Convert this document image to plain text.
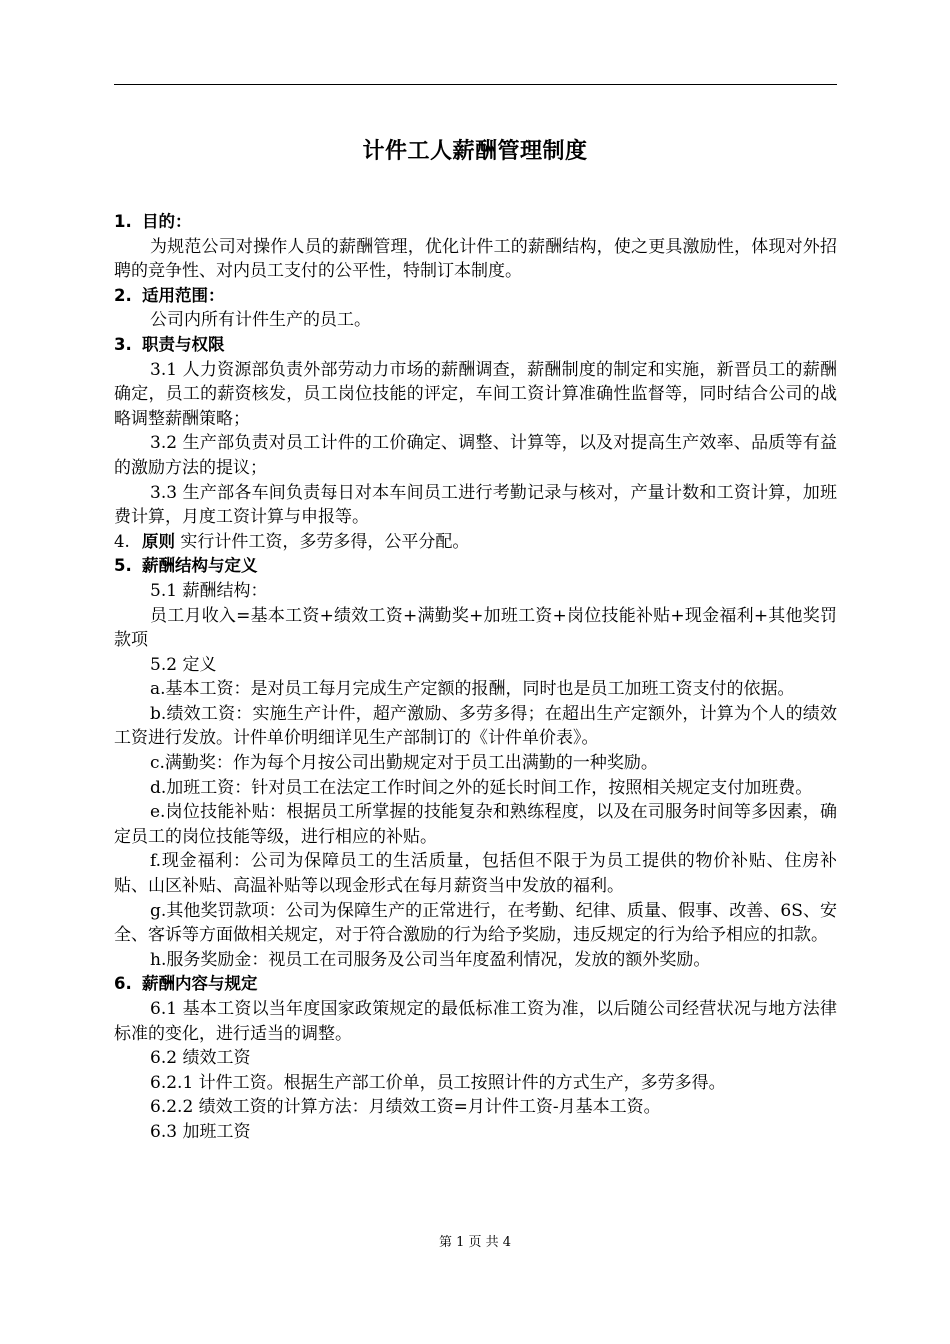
计件工人薪酬管理制度
1. 目的：
为规范公司对操作人员的薪酬管理，优化计件工的薪酬结构，使之更具激励性，体现对外招聘的竞争性、对内员工支付的公平性，特制订本制度。
2. 适用范围：
公司内所有计件生产的员工。
3. 职责与权限
3.1 人力资源部负责外部劳动力市场的薪酬调查，薪酬制度的制定和实施，新晋员工的薪酬确定，员工的薪资核发，员工岗位技能的评定，车间工资计算准确性监督等，同时结合公司的战略调整薪酬策略；
3.2 生产部负责对员工计件的工价确定、调整、计算等，以及对提高生产效率、品质等有益的激励方法的提议；
3.3 生产部各车间负责每日对本车间员工进行考勤记录与核对，产量计数和工资计算，加班费计算，月度工资计算与申报等。
4. 原则 实行计件工资，多劳多得，公平分配。
5. 薪酬结构与定义
5.1 薪酬结构：
员工月收入=基本工资+绩效工资+满勤奖+加班工资+岗位技能补贴+现金福利+其他奖罚款项
5.2 定义
a.基本工资：是对员工每月完成生产定额的报酬，同时也是员工加班工资支付的依据。
b.绩效工资：实施生产计件，超产激励、多劳多得；在超出生产定额外，计算为个人的绩效工资进行发放。计件单价明细详见生产部制订的《计件单价表》。
c.满勤奖：作为每个月按公司出勤规定对于员工出满勤的一种奖励。
d.加班工资：针对员工在法定工作时间之外的延长时间工作，按照相关规定支付加班费。
e.岗位技能补贴：根据员工所掌握的技能复杂和熟练程度，以及在司服务时间等多因素，确定员工的岗位技能等级，进行相应的补贴。
f.现金福利：公司为保障员工的生活质量，包括但不限于为员工提供的物价补贴、住房补贴、山区补贴、高温补贴等以现金形式在每月薪资当中发放的福利。
g.其他奖罚款项：公司为保障生产的正常进行，在考勤、纪律、质量、假事、改善、6S、安全、客诉等方面做相关规定，对于符合激励的行为给予奖励，违反规定的行为给予相应的扣款。
h.服务奖励金：视员工在司服务及公司当年度盈利情况，发放的额外奖励。
6. 薪酬内容与规定
6.1 基本工资以当年度国家政策规定的最低标准工资为准，以后随公司经营状况与地方法律标准的变化，进行适当的调整。
6.2 绩效工资
6.2.1 计件工资。根据生产部工价单，员工按照计件的方式生产，多劳多得。
6.2.2 绩效工资的计算方法：月绩效工资=月计件工资-月基本工资。
6.3 加班工资
第 1 页 共 4
